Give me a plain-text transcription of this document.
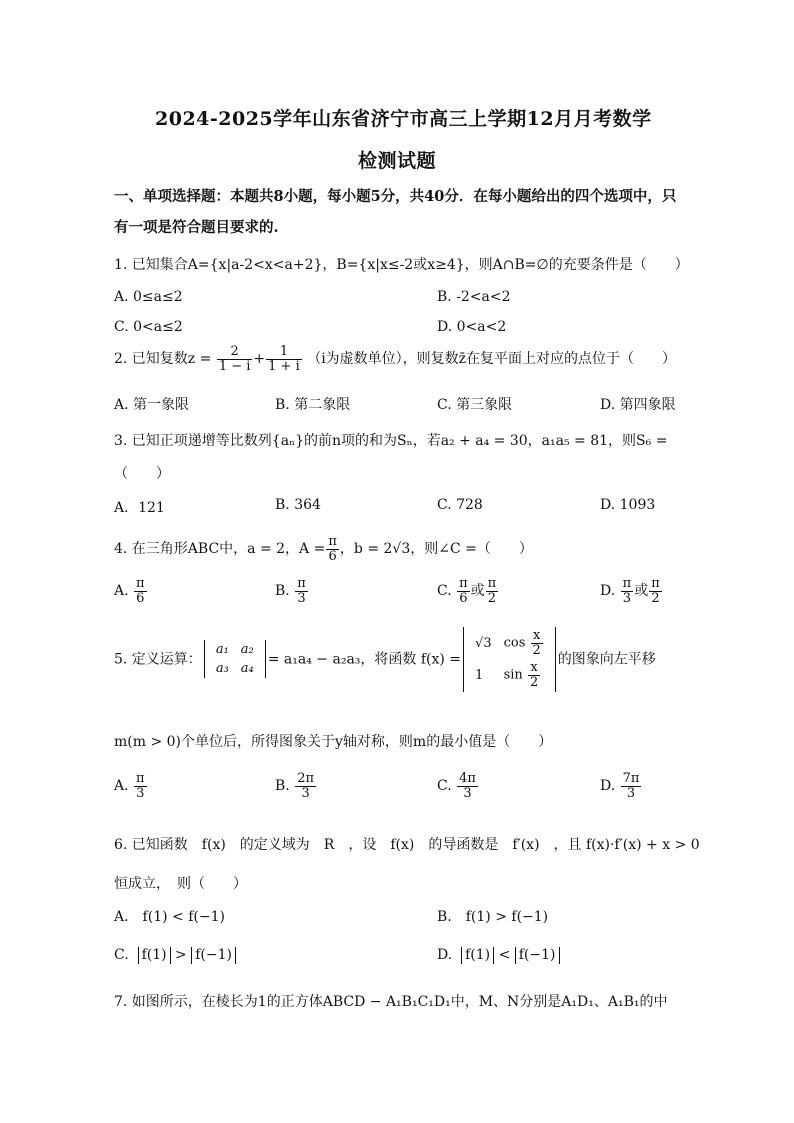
2024-2025学年山东省济宁市高三上学期12月月考数学
检测试题
一、单项选择题：本题共8小题，每小题5分，共40分．在每小题给出的四个选项中，只
有一项是符合题目要求的.
1. 已知集合A={x|a-2<x<a+2}，B={x|x≤-2或x≥4}，则A∩B=∅的充要条件是（　　）
A. 0≤a≤2	B. -2<a<2
C. 0<a≤2	D. 0<a<2
2. 已知复数$z = \frac{2}{1 - i} + \frac{1}{1 + i} (i$为虚数单位），则复数z̄在复平面上对应的点位于（　　）
A. 第一象限	B. 第二象限	C. 第三象限	D. 第四象限
3. 已知正项递增等比数列{aₙ}的前n项的和为Sₙ，若a₂ + a₄ = 30，a₁a₅ = 81，则S₆ =
（　　）
A．121	B. 364	C. 728	D. 1093
4. 在三角形ABC中，a = 2，$A = \frac{\pi}{6}$ ，b = 2√3，则∠C =（　　）
A. $\frac{\pi}{6}$	B. $\frac{\pi}{3}$	C. $\frac{\pi}{6}$ 或 $\frac{\pi}{2}$	D. $\frac{\pi}{3}$ 或 $\frac{\pi}{2}$
5. 定义运算：
a₁	a₂
a₃	a₄
= a₁a₄ − a₂a₃，将函数 f(x) =
√3	$\cos \frac{x}{2}$

1	$\sin \frac{x}{2}$
的图象向左平移
m(m > 0)个单位后，所得图象关于y轴对称，则m的最小值是（　　）
A. $\frac{\pi}{3}$	B. $\frac{2\pi}{3}$	C. $\frac{4\pi}{3}$	D. $\frac{7\pi}{3}$
6. 已知函数　f(x)　的定义域为　R　，设　f(x)　的导函数是　f′(x)　，且 f(x)·f′(x) + x > 0
恒成立，　则（　　）
A.　f(1) < f(−1)	B.　f(1) > f(−1)
C. f(1) > f(−1)	D. f(1) < f(−1)
7. 如图所示，在棱长为1的正方体ABCD − A₁B₁C₁D₁中，M、N分别是A₁D₁、A₁B₁的中
